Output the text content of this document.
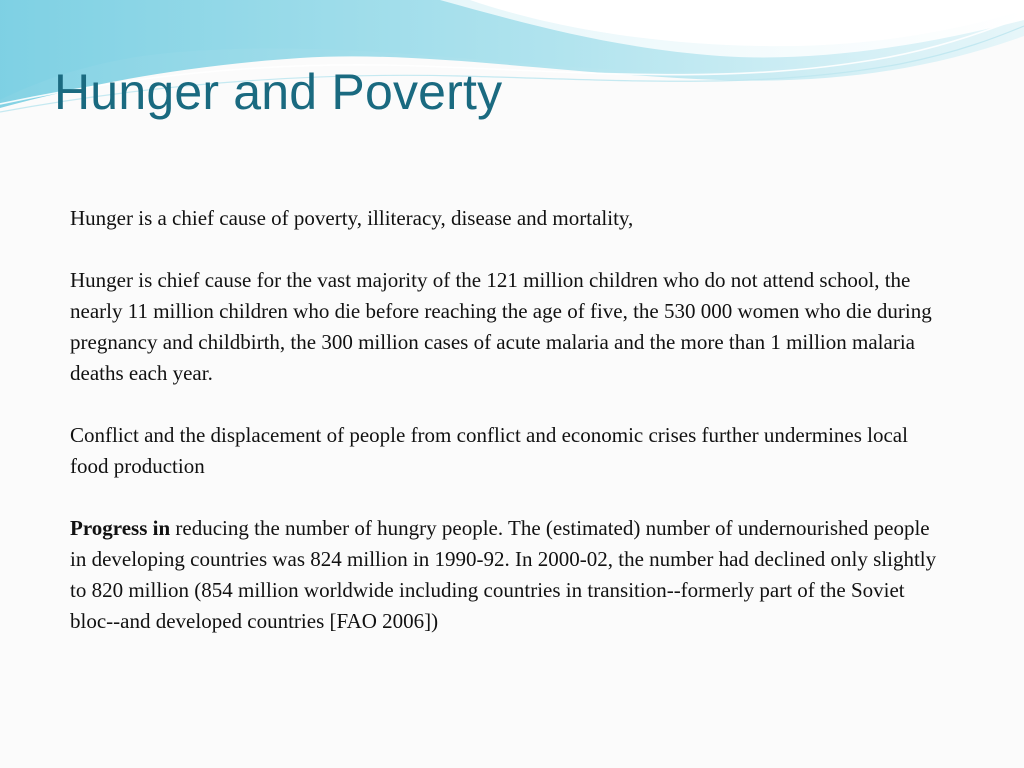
Hunger and Poverty

Hunger is a chief cause of poverty, illiteracy, disease and mortality,

Hunger is chief cause for the vast majority of the 121 million children who do not attend school, the nearly 11 million children who die before reaching the age of five, the 530 000 women who die during pregnancy and childbirth, the 300 million cases of acute malaria and the more than 1 million malaria deaths each year.

Conflict and the displacement of people from conflict and economic crises further undermines local food production

Progress in reducing the number of hungry people. The (estimated) number of undernourished people in developing countries was 824 million in 1990-92. In 2000-02, the number had declined only slightly to 820 million (854 million worldwide including countries in transition--formerly part of the Soviet bloc--and developed countries [FAO 2006])
